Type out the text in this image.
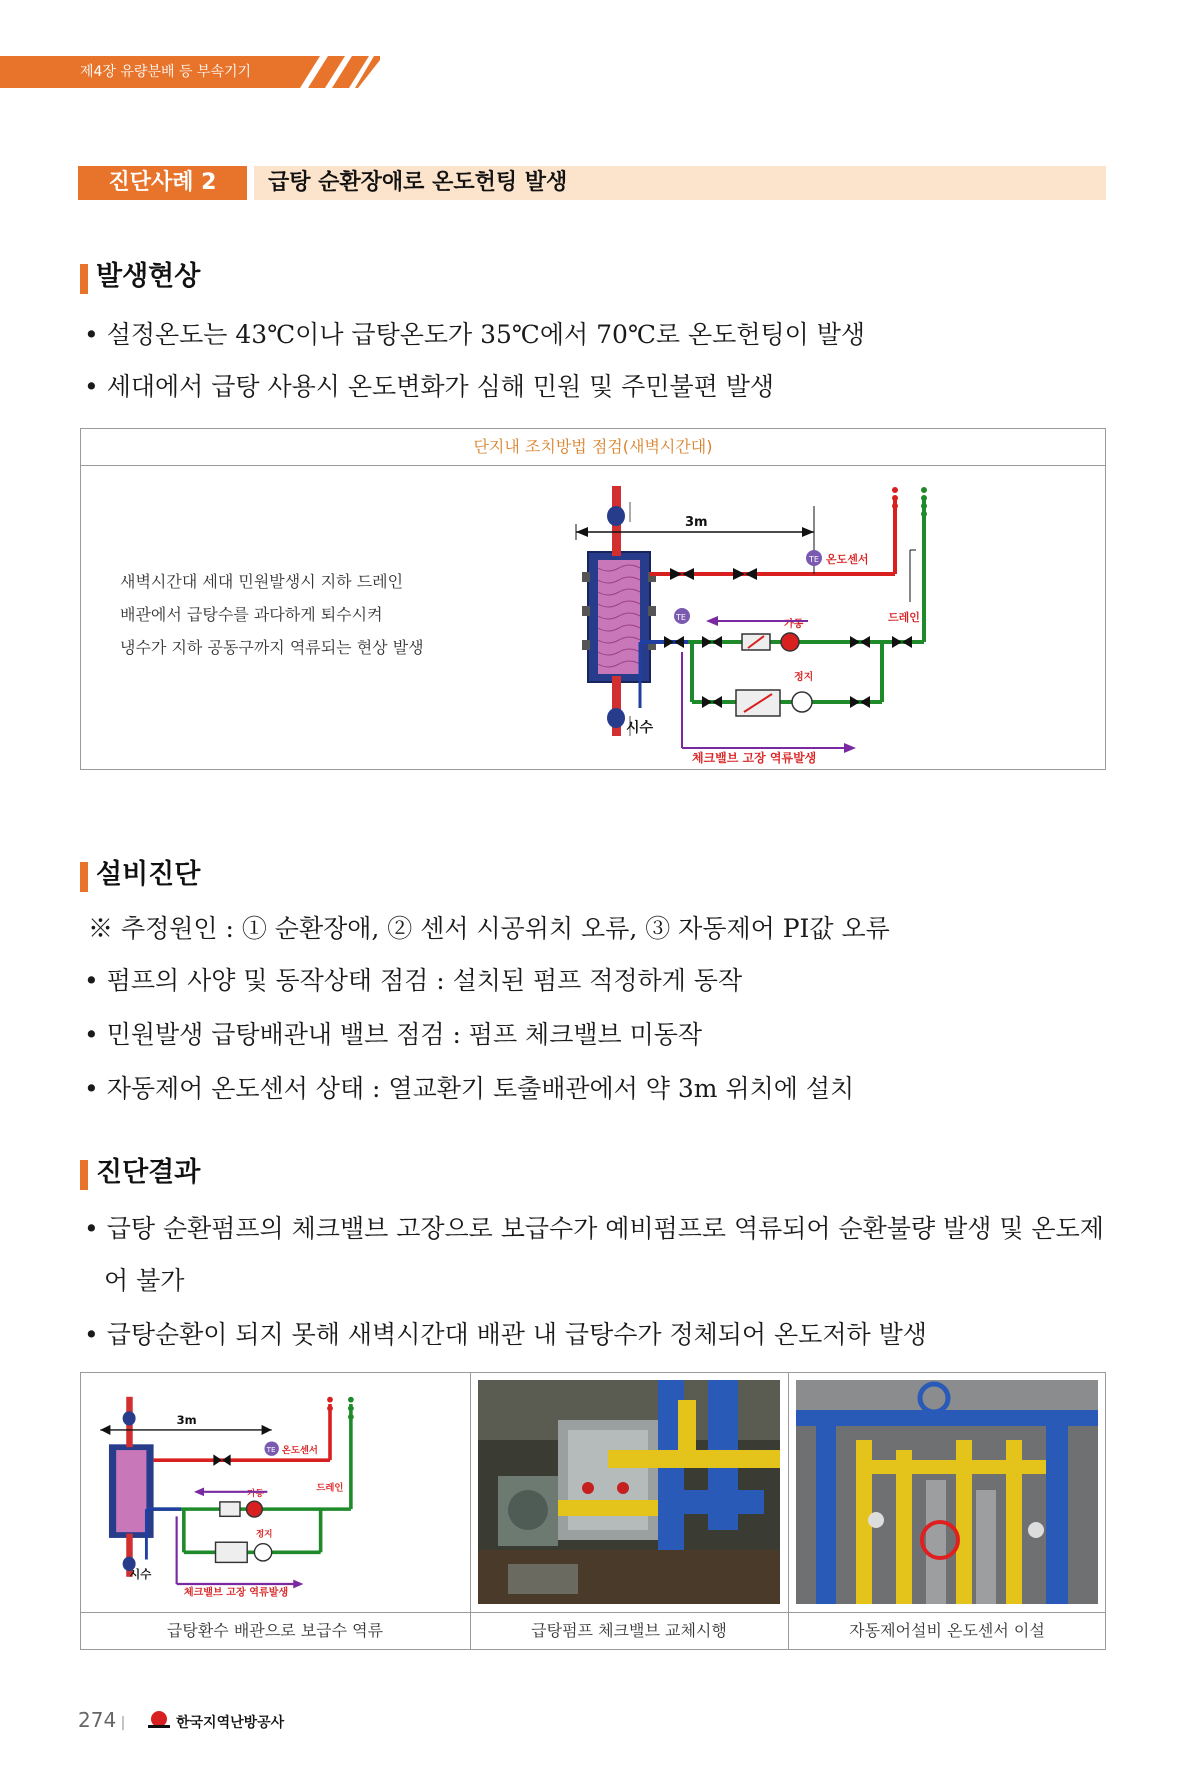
제4장 유량분배 등 부속기기
진단사례 2	급탕 순환장애로 온도헌팅 발생
발생현상
• 설정온도는 43℃이나 급탕온도가 35℃에서 70℃로 온도헌팅이 발생
• 세대에서 급탕 사용시 온도변화가 심해 민원 및 주민불편 발생
단지내 조치방법 점검(새벽시간대)
새벽시간대 세대 민원발생시 지하 드레인
배관에서 급탕수를 과다하게 퇴수시켜
냉수가 지하 공동구까지 역류되는 현상 발생
3m
TE 온도센서
드레인
시수
TE
가동
정지
체크밸브 고장 역류발생
설비진단
※ 추정원인 : ① 순환장애, ② 센서 시공위치 오류, ③ 자동제어 PI값 오류
• 펌프의 사양 및 동작상태 점검 : 설치된 펌프 적정하게 동작
• 민원발생 급탕배관내 밸브 점검 : 펌프 체크밸브 미동작
• 자동제어 온도센서 상태 : 열교환기 토출배관에서 약 3m 위치에 설치
진단결과
• 급탕 순환펌프의 체크밸브 고장으로 보급수가 예비펌프로 역류되어 순환불량 발생 및 온도제
어 불가
• 급탕순환이 되지 못해 새벽시간대 배관 내 급탕수가 정체되어 온도저하 발생
3m
TE 온도센서
드레인
시수
가동
정지
체크밸브 고장 역류발생
급탕환수 배관으로 보급수 역류	급탕펌프 체크밸브 교체시행	자동제어설비 온도센서 이설
274 |	한국지역난방공사
